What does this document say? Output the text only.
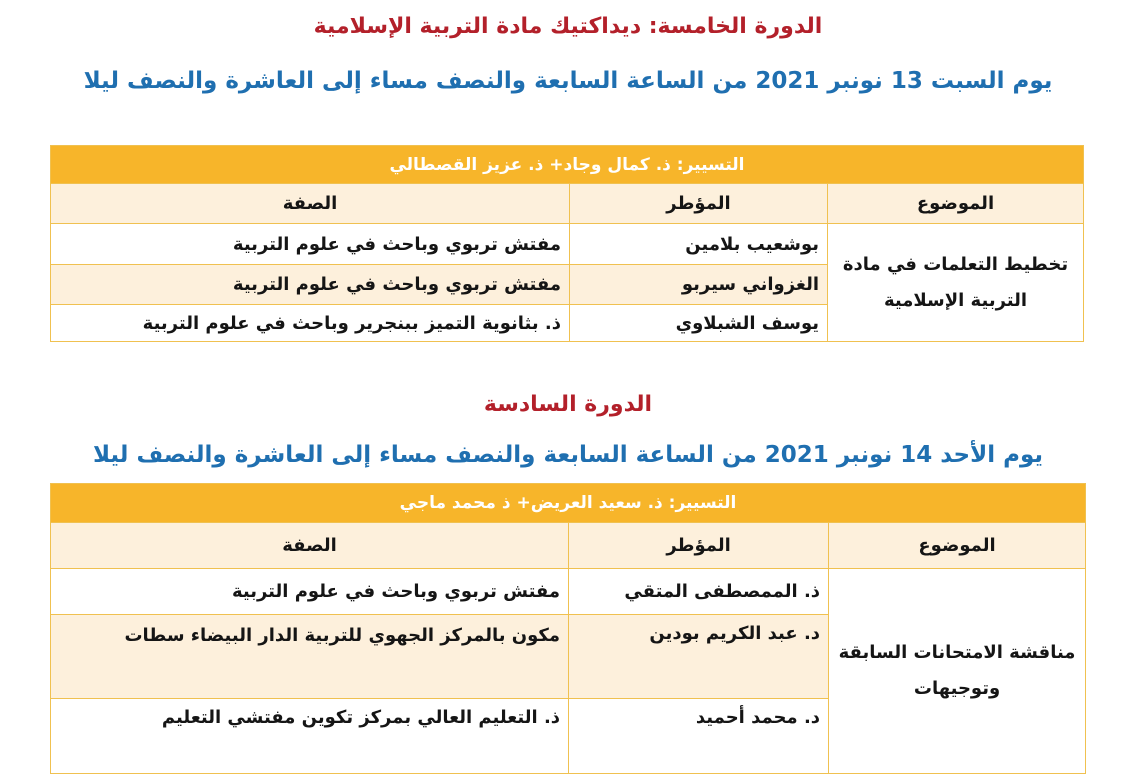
الدورة الخامسة: ديداكتيك مادة التربية الإسلامية
يوم السبت 13 نونبر 2021 من الساعة السابعة والنصف مساء إلى العاشرة والنصف ليلا
التسيير: ذ. كمال وجاد+ ذ. عزيز القصطالي		
الموضوع	المؤطر	الصفة
تخطيط التعلمات في مادة التربية الإسلامية	بوشعيب بلامين	مفتش تربوي وباحث في علوم التربية
	الغزواني سيربو	مفتش تربوي وباحث في علوم التربية
	يوسف الشبلاوي	ذ. بثانوية التميز ببنجرير وباحث في علوم التربية
الدورة السادسة
يوم الأحد 14 نونبر 2021 من الساعة السابعة والنصف مساء إلى العاشرة والنصف ليلا
التسيير: ذ. سعيد العريض+ ذ محمد ماجي		
الموضوع	المؤطر	الصفة
مناقشة الامتحانات السابقة وتوجيهات	ذ. الممصطفى المتقي	مفتش تربوي وباحث في علوم التربية
	د. عبد الكريم بودين	مكون بالمركز الجهوي للتربية الدار البيضاء سطات

	د. محمد أحميد	ذ. التعليم العالي بمركز تكوين مفتشي التعليم
